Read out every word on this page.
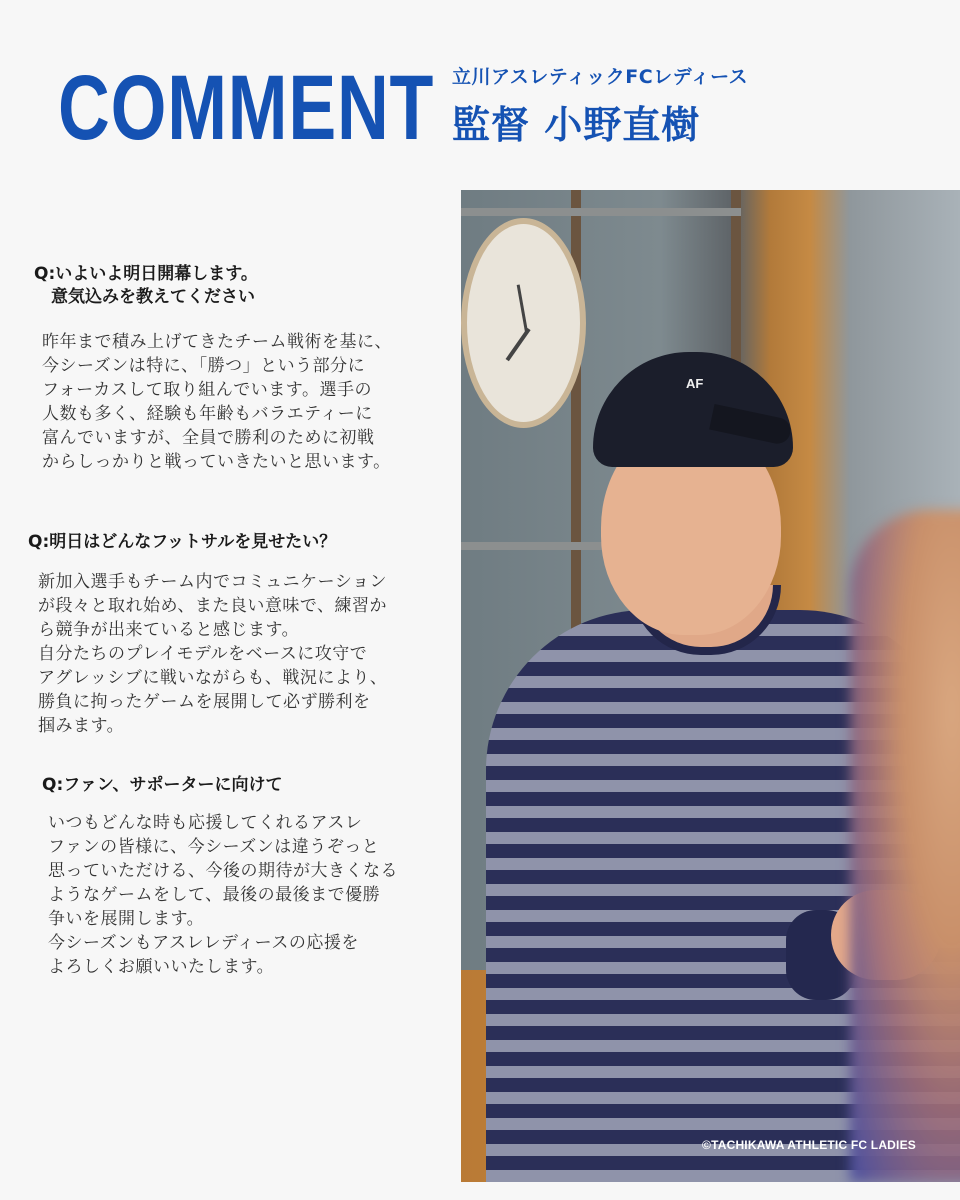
COMMENT 立川アスレティックFCレディース
監督 小野直樹

Q:いよいよ明日開幕します。

　意気込みを教えてください

昨年まで積み上げてきたチーム戦術を基に、

今シーズンは特に、「勝つ」という部分に

フォーカスして取り組んでいます。選手の

人数も多く、経験も年齢もバラエティーに

富んでいますが、全員で勝利のために初戦

からしっかりと戦っていきたいと思います。

Q:明日はどんなフットサルを見せたい？

新加入選手もチーム内でコミュニケーション

が段々と取れ始め、また良い意味で、練習か

ら競争が出来ていると感じます。

自分たちのプレイモデルをベースに攻守で

アグレッシブに戦いながらも、戦況により、

勝負に拘ったゲームを展開して必ず勝利を

掴みます。

Q:ファン、サポーターに向けて

いつもどんな時も応援してくれるアスレ

ファンの皆様に、今シーズンは違うぞっと

思っていただける、今後の期待が大きくなる

ようなゲームをして、最後の最後まで優勝

争いを展開します。

今シーズンもアスレレディースの応援を

よろしくお願いいたします。

AF
©TACHIKAWA ATHLETIC FC LADIES
